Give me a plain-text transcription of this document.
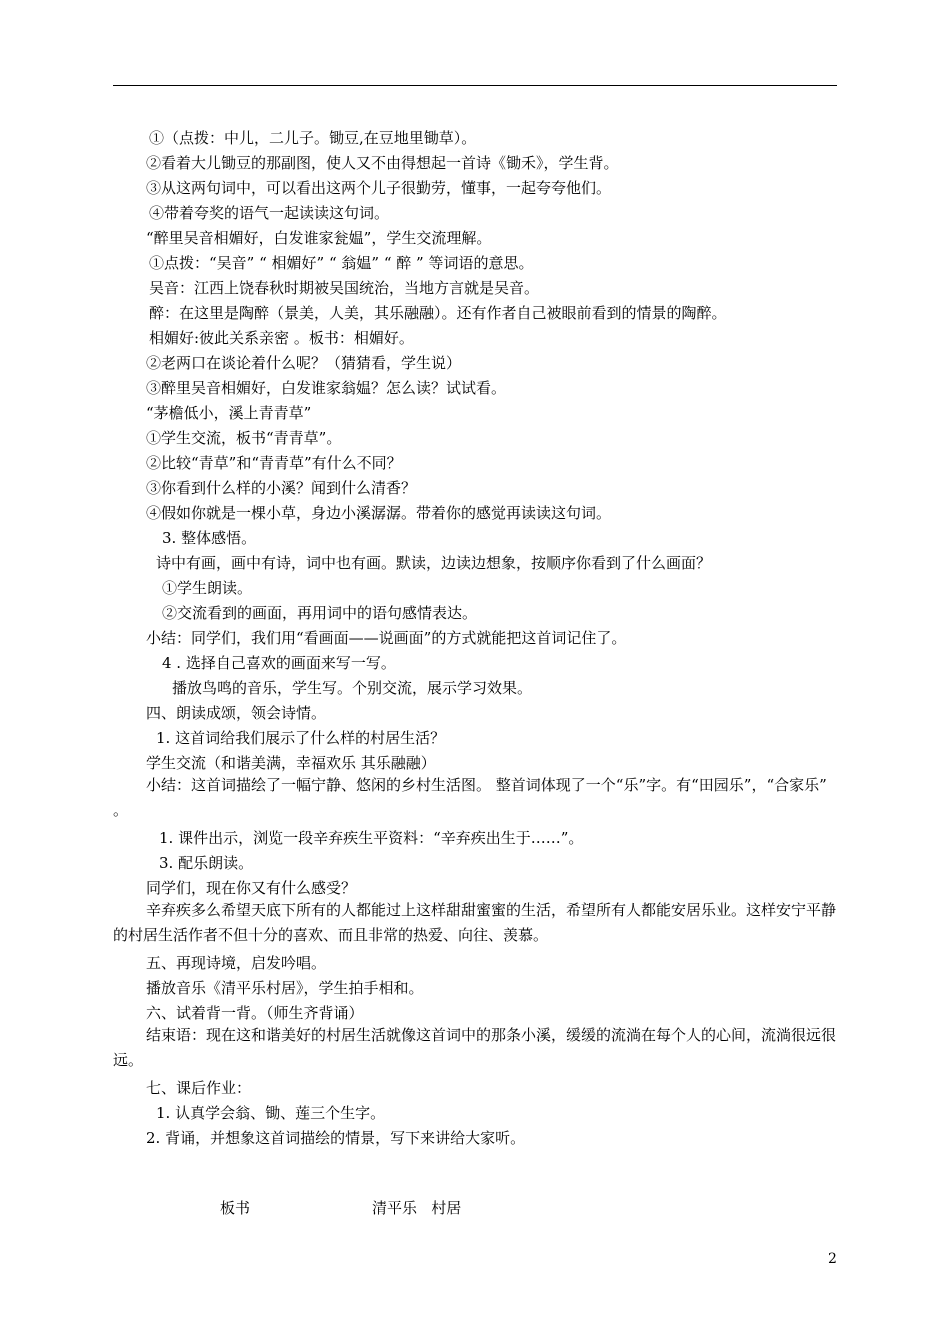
①（点拨：中儿，二儿子。锄豆,在豆地里锄草）。
②看着大儿锄豆的那副图，使人又不由得想起一首诗《锄禾》，学生背。
③从这两句词中，可以看出这两个儿子很勤劳，懂事，一起夸夸他们。
④带着夸奖的语气一起读读这句词。
“醉里吴音相媚好，白发谁家瓮媪”，学生交流理解。
①点拨：“吴音” “ 相媚好” “ 翁媪” “ 醉 ” 等词语的意思。
吴音：江西上饶春秋时期被吴国统治，当地方言就是吴音。
醉：在这里是陶醉（景美，人美，其乐融融）。还有作者自己被眼前看到的情景的陶醉。
相媚好:彼此关系亲密 。板书：相媚好。
②老两口在谈论着什么呢？（猜猜看，学生说）
③醉里吴音相媚好，白发谁家翁媪？怎么读？试试看。
“茅檐低小，溪上青青草”
①学生交流，板书“青青草”。
②比较“青草”和“青青草”有什么不同？
③你看到什么样的小溪？闻到什么清香？
④假如你就是一棵小草，身边小溪潺潺。带着你的感觉再读读这句词。
3. 整体感悟。
诗中有画，画中有诗，词中也有画。默读，边读边想象，按顺序你看到了什么画面？
①学生朗读。
②交流看到的画面，再用词中的语句感情表达。
小结：同学们，我们用“看画面——说画面”的方式就能把这首词记住了。
4 . 选择自己喜欢的画面来写一写。
播放鸟鸣的音乐，学生写。个别交流，展示学习效果。
四、朗读成颂，领会诗情。
1. 这首词给我们展示了什么样的村居生活？
学生交流（和谐美满，幸福欢乐 其乐融融）
小结：这首词描绘了一幅宁静、悠闲的乡村生活图。 整首词体现了一个“乐”字。有“田园乐”，“合家乐” 。
1. 课件出示，浏览一段辛弃疾生平资料：“辛弃疾出生于……”。
3. 配乐朗读。
同学们，现在你又有什么感受？
辛弃疾多么希望天底下所有的人都能过上这样甜甜蜜蜜的生活，希望所有人都能安居乐业。这样安宁平静的村居生活作者不但十分的喜欢、而且非常的热爱、向往、羡慕。
五、再现诗境，启发吟唱。
播放音乐《清平乐村居》，学生拍手相和。
六、试着背一背。（师生齐背诵）
结束语：现在这和谐美好的村居生活就像这首词中的那条小溪，缓缓的流淌在每个人的心间，流淌很远很远。
七、课后作业：
1. 认真学会翁、锄、莲三个生字。
2. 背诵，并想象这首词描绘的情景，写下来讲给大家听。
板书	清平乐   村居
2
